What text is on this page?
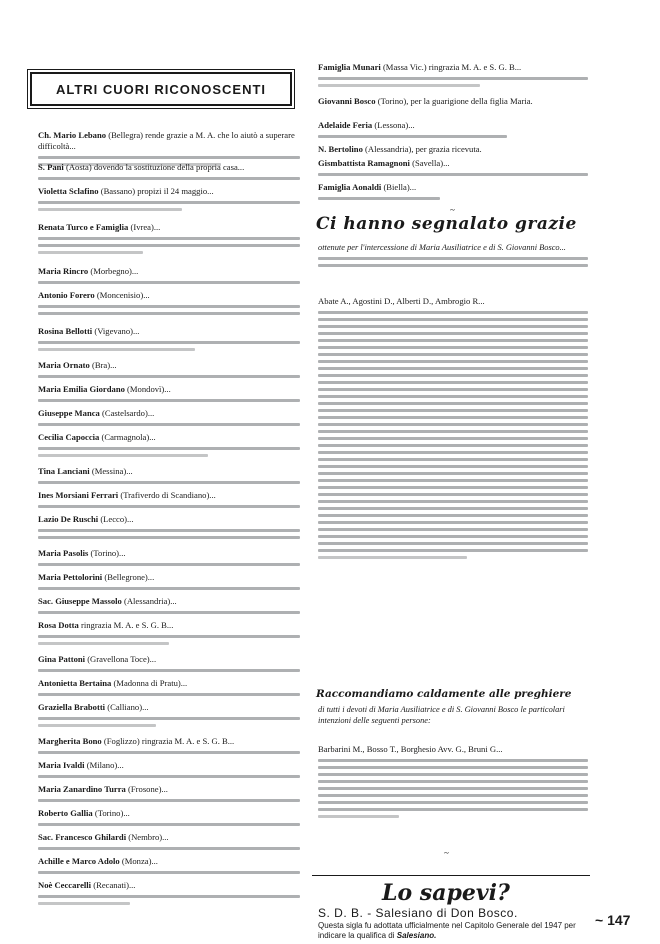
ALTRI CUORI RICONOSCENTI
Ch. Mario Lebano (Bellegra) rende grazie a M. A. che lo aiutò a superare difficoltà...
S. Pani (Aosta) dovendo la sostituzione della propria casa...
Violetta Sclafino (Bassano) propizi il 24 maggio...
Renata Turco e Famiglia (Ivrea)...
Maria Rincro (Morbegno)...
Antonio Forero (Moncenisio)...
Rosina Bellotti (Vigevano)...
Maria Ornato (Bra)...
Maria Emilia Giordano (Mondovì)...
Giuseppe Manca (Castelsardo)...
Cecilia Capoccia (Carmagnola)...
Tina Lanciani (Messina)...
Ines Morsiani Ferrari (Trafiverdo di Scandiano)...
Lazio De Ruschi (Lecco)...
Maria Pasolis (Torino)...
Maria Pettolorini (Bellegrone)...
Sac. Giuseppe Massolo (Alessandria)...
Rosa Dotta ringrazia M. A. e S. G. B...
Gina Pattoni (Gravellona Toce)...
Antonietta Bertaina (Madonna di Pratu)...
Graziella Brabotti (Calliano)...
Margherita Bono (Foglizzo) ringrazia M. A. e S. G. B...
Maria Ivaldi (Milano)...
Maria Zanardino Turra (Frosone)...
Roberto Gallia (Torino)...
Sac. Francesco Ghilardi (Nembro)...
Achille e Marco Adolo (Monza)...
Noè Ceccarelli (Recanati)...
Famiglia Munari (Massa Vic.) ringrazia M. A. e S. G. B...
Giovanni Bosco (Torino), per la guarigione della figlia Maria.
Adelaide Feria (Lessona)...
N. Bertolino (Alessandria), per grazia ricevuta.
Gismbattista Ramagnoni (Savella)...
Famiglia Aonaldi (Biella)...
~
Ci hanno segnalato grazie
ottenute per l'intercessione di Maria Ausiliatrice e di S. Giovanni Bosco...
Abate A., Agostini D., Alberti D., Ambrogio R...
Raccomandiamo caldamente alle preghiere
di tutti i devoti di Maria Ausiliatrice e di S. Giovanni Bosco le particolari intenzioni delle seguenti persone:
Barbarini M., Bosso T., Borghesio Avv. G., Bruni G...
~
Lo sapevi?
S. D. B. - Salesiano di Don Bosco.
Questa sigla fu adottata ufficialmente nel Capitolo Generale del 1947 per indicare la qualifica di Salesiano.
~ 147
